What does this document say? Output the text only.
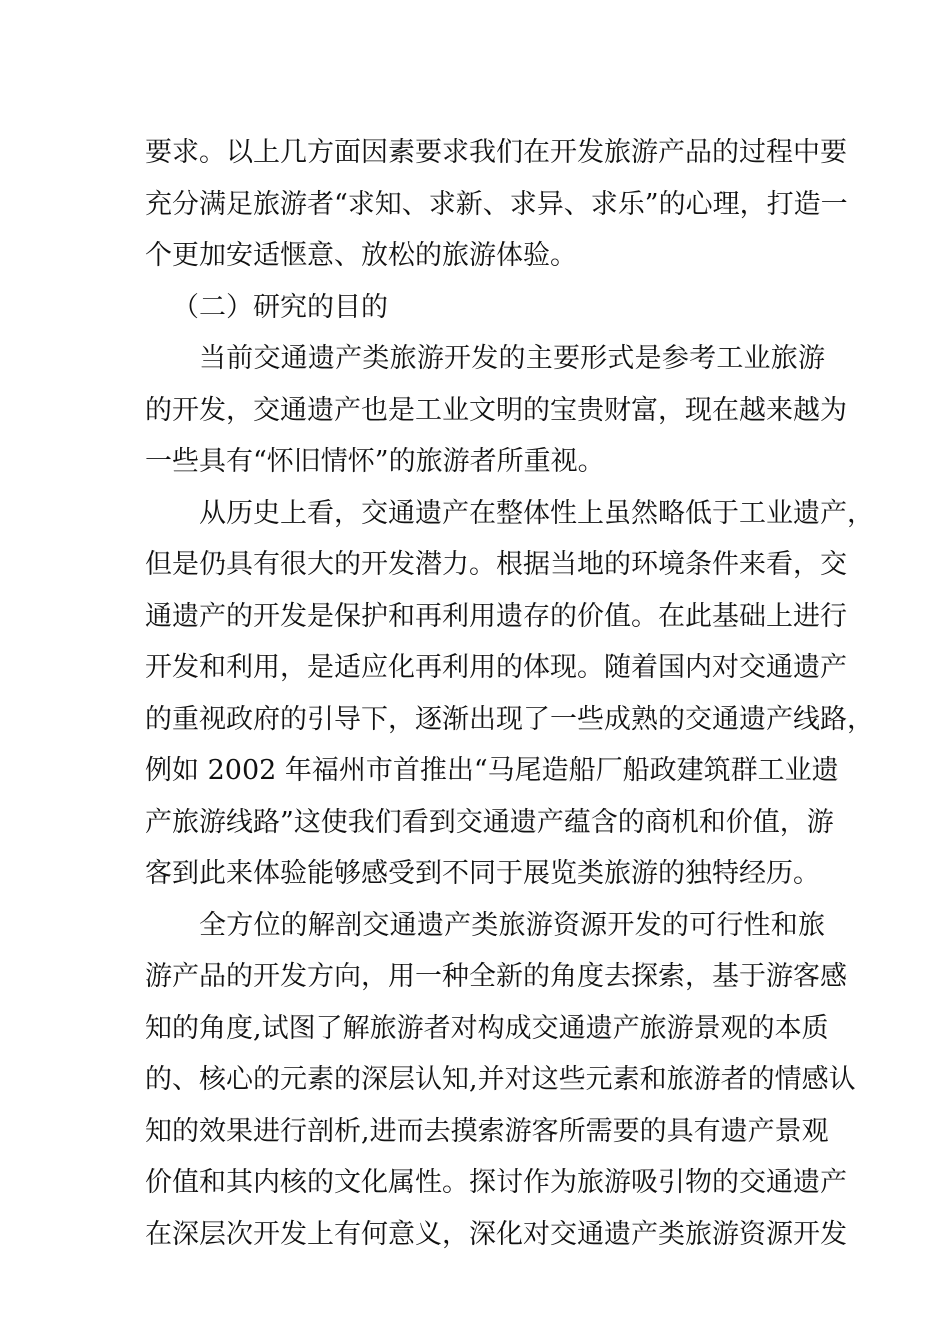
要求。以上几方面因素要求我们在开发旅游产品的过程中要
充分满足旅游者“求知、求新、求异、求乐”的心理，打造一
个更加安适惬意、放松的旅游体验。
（二）研究的目的
当前交通遗产类旅游开发的主要形式是参考工业旅游
的开发，交通遗产也是工业文明的宝贵财富，现在越来越为
一些具有“怀旧情怀”的旅游者所重视。
从历史上看，交通遗产在整体性上虽然略低于工业遗产，
但是仍具有很大的开发潜力。根据当地的环境条件来看，交
通遗产的开发是保护和再利用遗存的价值。在此基础上进行
开发和利用，是适应化再利用的体现。随着国内对交通遗产
的重视政府的引导下，逐渐出现了一些成熟的交通遗产线路，
例如 2002 年福州市首推出“马尾造船厂船政建筑群工业遗
产旅游线路”这使我们看到交通遗产蕴含的商机和价值，游
客到此来体验能够感受到不同于展览类旅游的独特经历。
全方位的解剖交通遗产类旅游资源开发的可行性和旅
游产品的开发方向，用一种全新的角度去探索，基于游客感
知的角度,试图了解旅游者对构成交通遗产旅游景观的本质
的、核心的元素的深层认知,并对这些元素和旅游者的情感认
知的效果进行剖析,进而去摸索游客所需要的具有遗产景观
价值和其内核的文化属性。探讨作为旅游吸引物的交通遗产
在深层次开发上有何意义，深化对交通遗产类旅游资源开发
